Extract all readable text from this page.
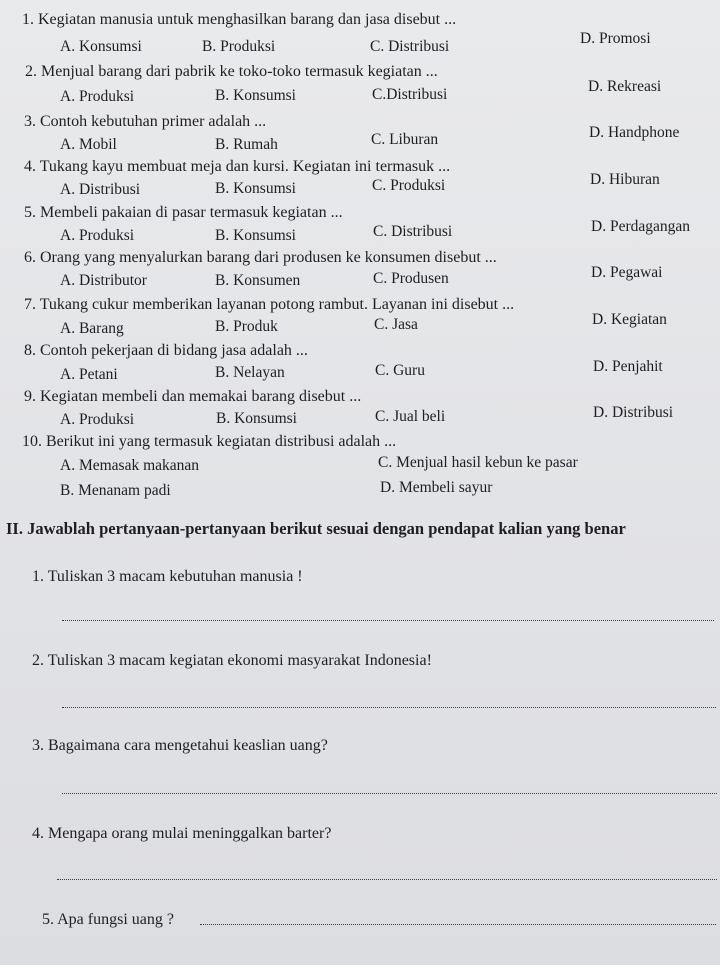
1. Kegiatan manusia untuk menghasilkan barang dan jasa disebut ...
A. Konsumsi	B. Produksi	C. Distribusi	D. Promosi
2. Menjual barang dari pabrik ke toko-toko termasuk kegiatan ...
A. Produksi	B. Konsumsi	C.Distribusi	D. Rekreasi
3. Contoh kebutuhan primer adalah ...
A. Mobil	B. Rumah	C. Liburan	D. Handphone
4. Tukang kayu membuat meja dan kursi. Kegiatan ini termasuk ...
A. Distribusi	B. Konsumsi	C. Produksi	D. Hiburan
5. Membeli pakaian di pasar termasuk kegiatan ...
A. Produksi	B. Konsumsi	C. Distribusi	D. Perdagangan
6. Orang yang menyalurkan barang dari produsen ke konsumen disebut ...
A. Distributor	B. Konsumen	C. Produsen	D. Pegawai
7. Tukang cukur memberikan layanan potong rambut. Layanan ini disebut ...
A. Barang	B. Produk	C. Jasa	D. Kegiatan
8. Contoh pekerjaan di bidang jasa adalah ...
A. Petani	B. Nelayan	C. Guru	D. Penjahit
9. Kegiatan membeli dan memakai barang disebut ...
A. Produksi	B. Konsumsi	C. Jual beli	D. Distribusi
10. Berikut ini yang termasuk kegiatan distribusi adalah ...
A. Memasak makanan	C. Menjual hasil kebun ke pasar
B. Menanam padi	D. Membeli sayur
II. Jawablah pertanyaan-pertanyaan berikut sesuai dengan pendapat kalian yang benar
1. Tuliskan 3 macam kebutuhan manusia !
2. Tuliskan 3 macam kegiatan ekonomi masyarakat Indonesia!
3. Bagaimana cara mengetahui keaslian uang?
4. Mengapa orang mulai meninggalkan barter?
5. Apa fungsi uang ?
